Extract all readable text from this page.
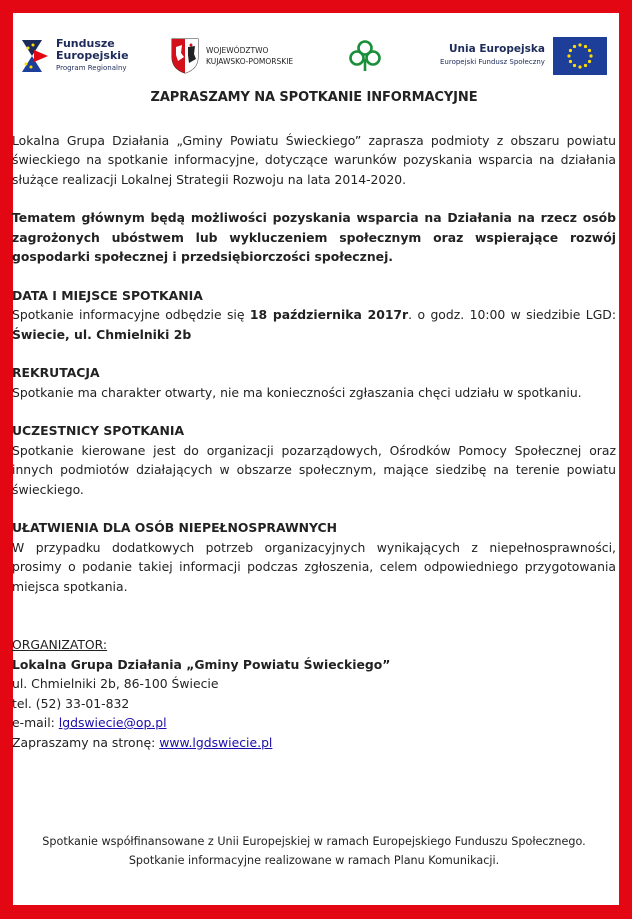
Fundusze
Europejskie
Program Regionalny
WOJEWÓDZTWO
KUJAWSKO-POMORSKIE
Unia Europejska
Europejski Fundusz Społeczny
ZAPRASZAMY NA SPOTKANIE INFORMACYJNE

Lokalna Grupa Działania „Gminy Powiatu Świeckiego” zaprasza podmioty z obszaru powiatu świeckiego na spotkanie informacyjne, dotyczące warunków pozyskania wsparcia na działania służące realizacji Lokalnej Strategii Rozwoju na lata 2014-2020.

Tematem głównym będą możliwości pozyskania wsparcia na Działania na rzecz osób zagrożonych ubóstwem lub wykluczeniem społecznym oraz wspierające rozwój gospodarki społecznej i przedsiębiorczości społecznej.

DATA I MIEJSCE SPOTKANIA

Spotkanie informacyjne odbędzie się 18 października 2017r. o godz. 10:00 w siedzibie LGD: Świecie, ul. Chmielniki 2b

REKRUTACJA

Spotkanie ma charakter otwarty, nie ma konieczności zgłaszania chęci udziału w spotkaniu.

UCZESTNICY SPOTKANIA

Spotkanie kierowane jest do organizacji pozarządowych, Ośrodków Pomocy Społecznej oraz innych podmiotów działających w obszarze społecznym, mające siedzibę na terenie powiatu świeckiego.

UŁATWIENIA DLA OSÓB NIEPEŁNOSPRAWNYCH

W przypadku dodatkowych potrzeb organizacyjnych wynikających z niepełnosprawności, prosimy o podanie takiej informacji podczas zgłoszenia, celem odpowiedniego przygotowania miejsca spotkania.

ORGANIZATOR:
Lokalna Grupa Działania „Gminy Powiatu Świeckiego”
ul. Chmielniki 2b, 86-100 Świecie
tel. (52) 33-01-832
e-mail: lgdswiecie@op.pl
Zapraszamy na stronę: www.lgdswiecie.pl
Spotkanie współfinansowane z Unii Europejskiej w ramach Europejskiego Funduszu Społecznego.
Spotkanie informacyjne realizowane w ramach Planu Komunikacji.
